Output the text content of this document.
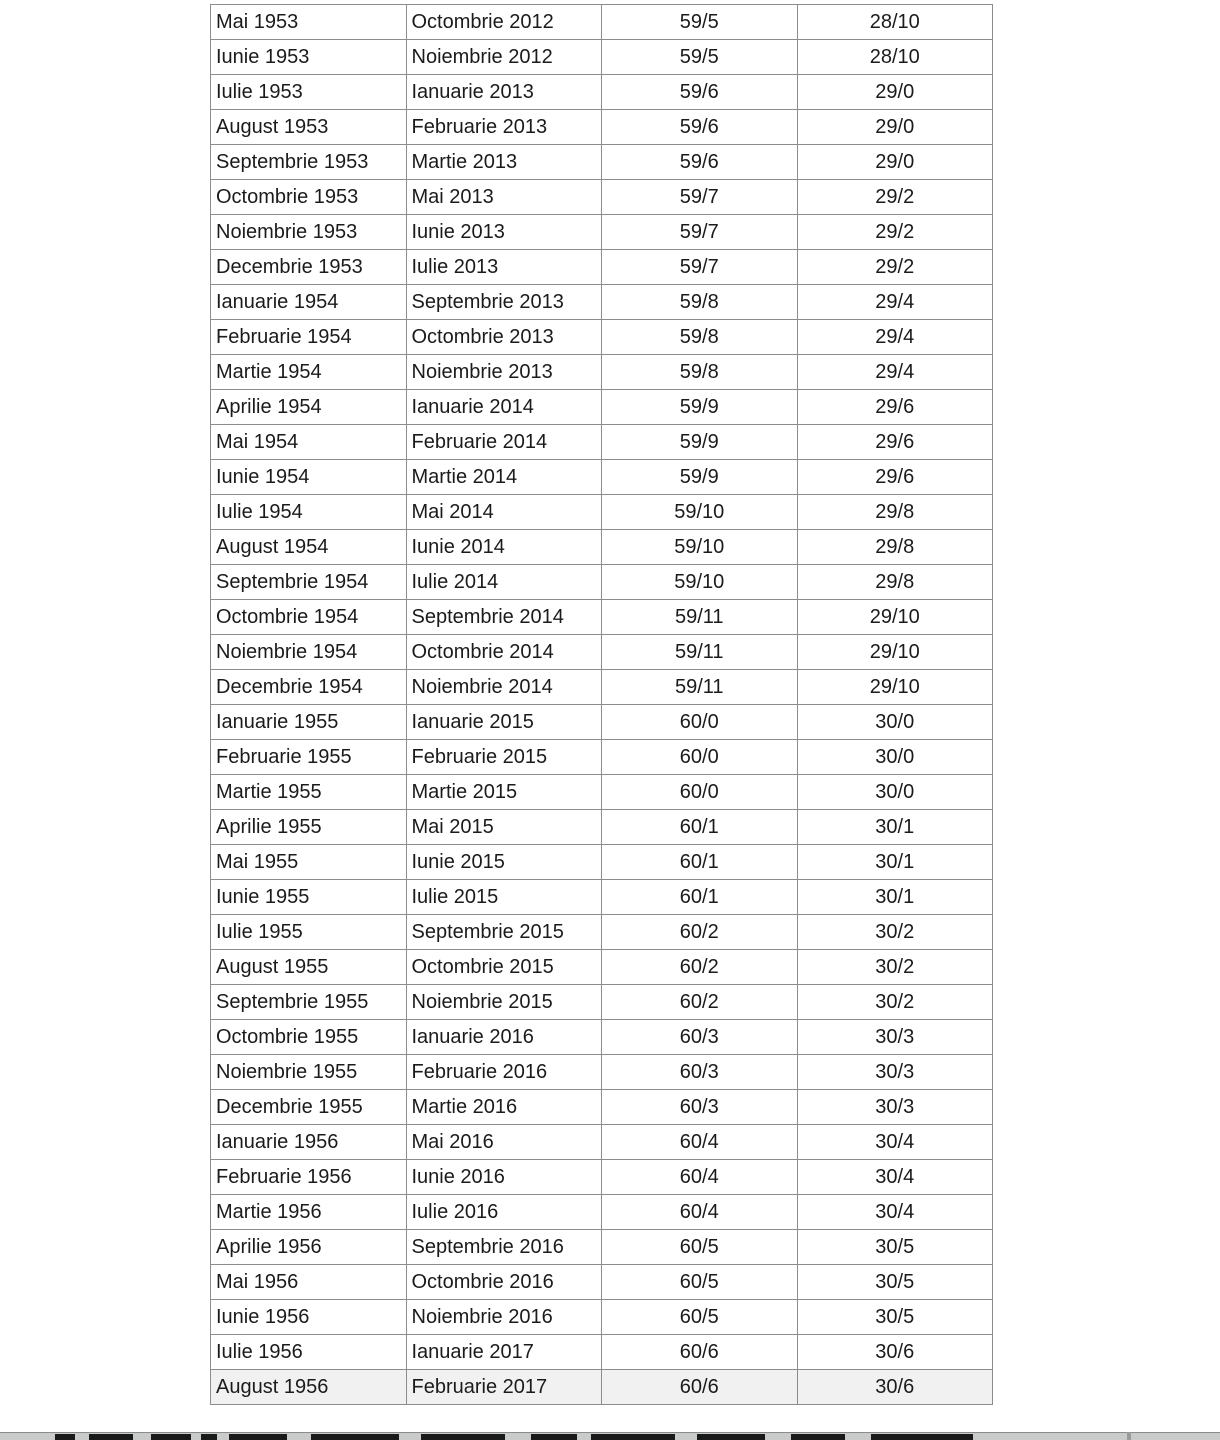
Mai 1953	Octombrie 2012	59/5	28/10
Iunie 1953	Noiembrie 2012	59/5	28/10
Iulie 1953	Ianuarie 2013	59/6	29/0
August 1953	Februarie 2013	59/6	29/0
Septembrie 1953	Martie 2013	59/6	29/0
Octombrie 1953	Mai 2013	59/7	29/2
Noiembrie 1953	Iunie 2013	59/7	29/2
Decembrie 1953	Iulie 2013	59/7	29/2
Ianuarie 1954	Septembrie 2013	59/8	29/4
Februarie 1954	Octombrie 2013	59/8	29/4
Martie 1954	Noiembrie 2013	59/8	29/4
Aprilie 1954	Ianuarie 2014	59/9	29/6
Mai 1954	Februarie 2014	59/9	29/6
Iunie 1954	Martie 2014	59/9	29/6
Iulie 1954	Mai 2014	59/10	29/8
August 1954	Iunie 2014	59/10	29/8
Septembrie 1954	Iulie 2014	59/10	29/8
Octombrie 1954	Septembrie 2014	59/11	29/10
Noiembrie 1954	Octombrie 2014	59/11	29/10
Decembrie 1954	Noiembrie 2014	59/11	29/10
Ianuarie 1955	Ianuarie 2015	60/0	30/0
Februarie 1955	Februarie 2015	60/0	30/0
Martie 1955	Martie 2015	60/0	30/0
Aprilie 1955	Mai 2015	60/1	30/1
Mai 1955	Iunie 2015	60/1	30/1
Iunie 1955	Iulie 2015	60/1	30/1
Iulie 1955	Septembrie 2015	60/2	30/2
August 1955	Octombrie 2015	60/2	30/2
Septembrie 1955	Noiembrie 2015	60/2	30/2
Octombrie 1955	Ianuarie 2016	60/3	30/3
Noiembrie 1955	Februarie 2016	60/3	30/3
Decembrie 1955	Martie 2016	60/3	30/3
Ianuarie 1956	Mai 2016	60/4	30/4
Februarie 1956	Iunie 2016	60/4	30/4
Martie 1956	Iulie 2016	60/4	30/4
Aprilie 1956	Septembrie 2016	60/5	30/5
Mai 1956	Octombrie 2016	60/5	30/5
Iunie 1956	Noiembrie 2016	60/5	30/5
Iulie 1956	Ianuarie 2017	60/6	30/6
August 1956	Februarie 2017	60/6	30/6
